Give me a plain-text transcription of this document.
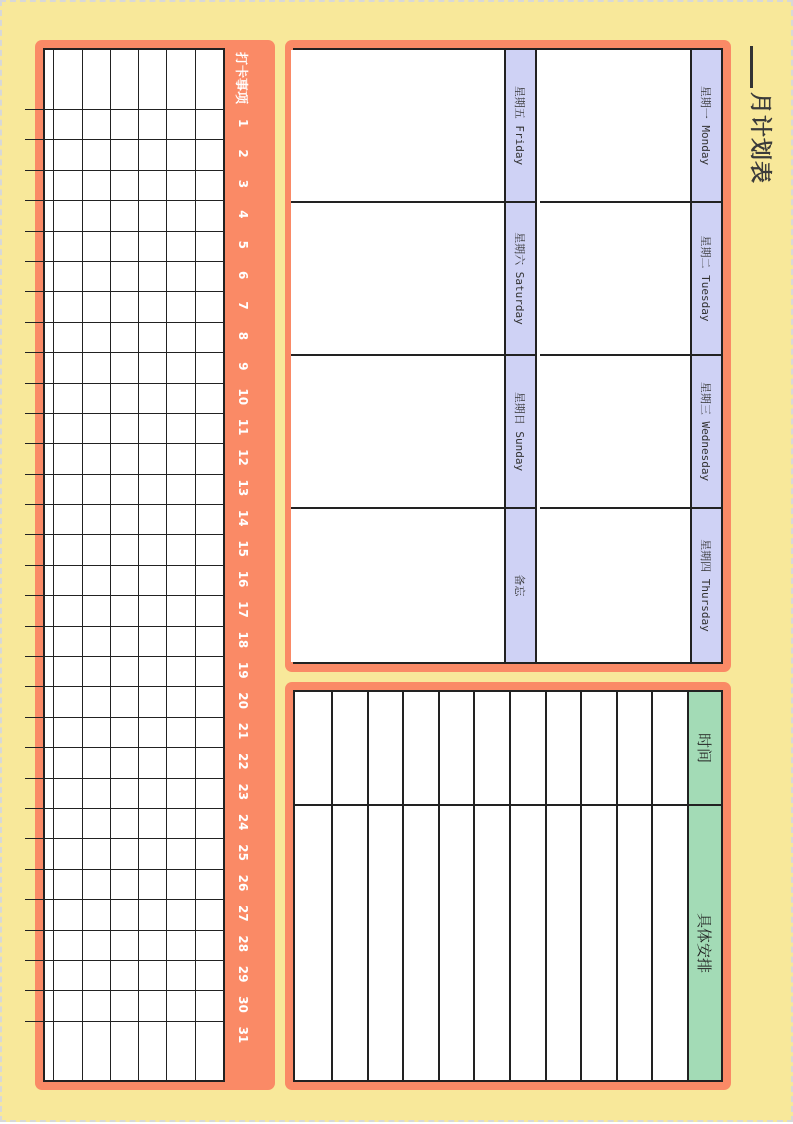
月计划表
星期一 Monday
星期二 Tuesday
星期三 Wednesday
星期四 Thursday
星期五 Friday
星期六 Saturday
星期日 Sunday
备忘
时间
具体安排
打卡事项
1
2
3
4
5
6
7
8
9
10
11
12
13
14
15
16
17
18
19
20
21
22
23
24
25
26
27
28
29
30
31
